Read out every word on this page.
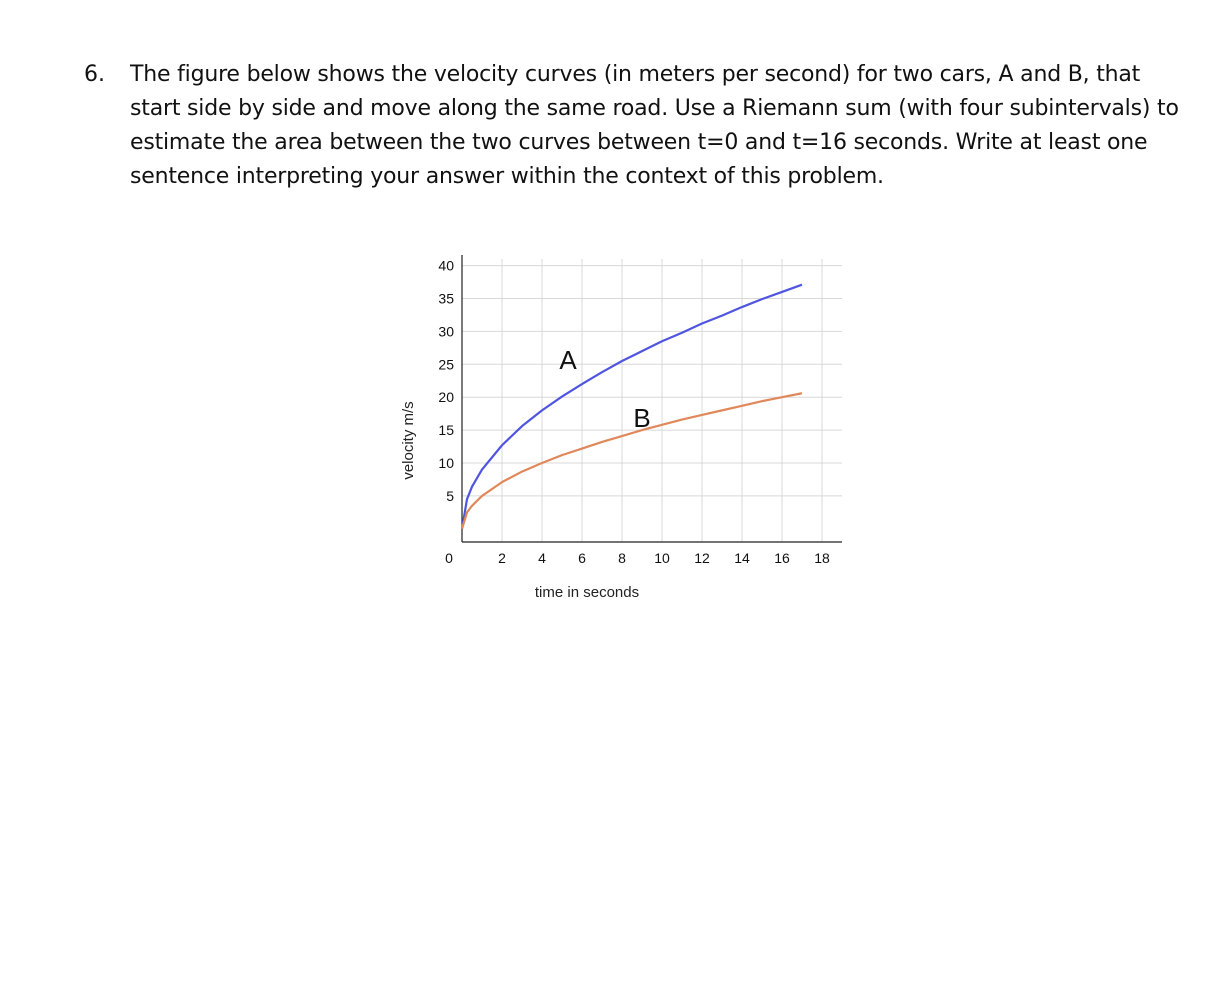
6. The figure below shows the velocity curves (in meters per second) for two cars, A and B, that start side by side and move along the same road. Use a Riemann sum (with four subintervals) to estimate the area between the two curves between t=0 and t=16 seconds. Write at least one sentence interpreting your answer within the context of this problem.
5
10
15
20
25
30
35
40
0	2 4 6 8 10 12 14 16 18
time in seconds
velocity m/s
A
B
